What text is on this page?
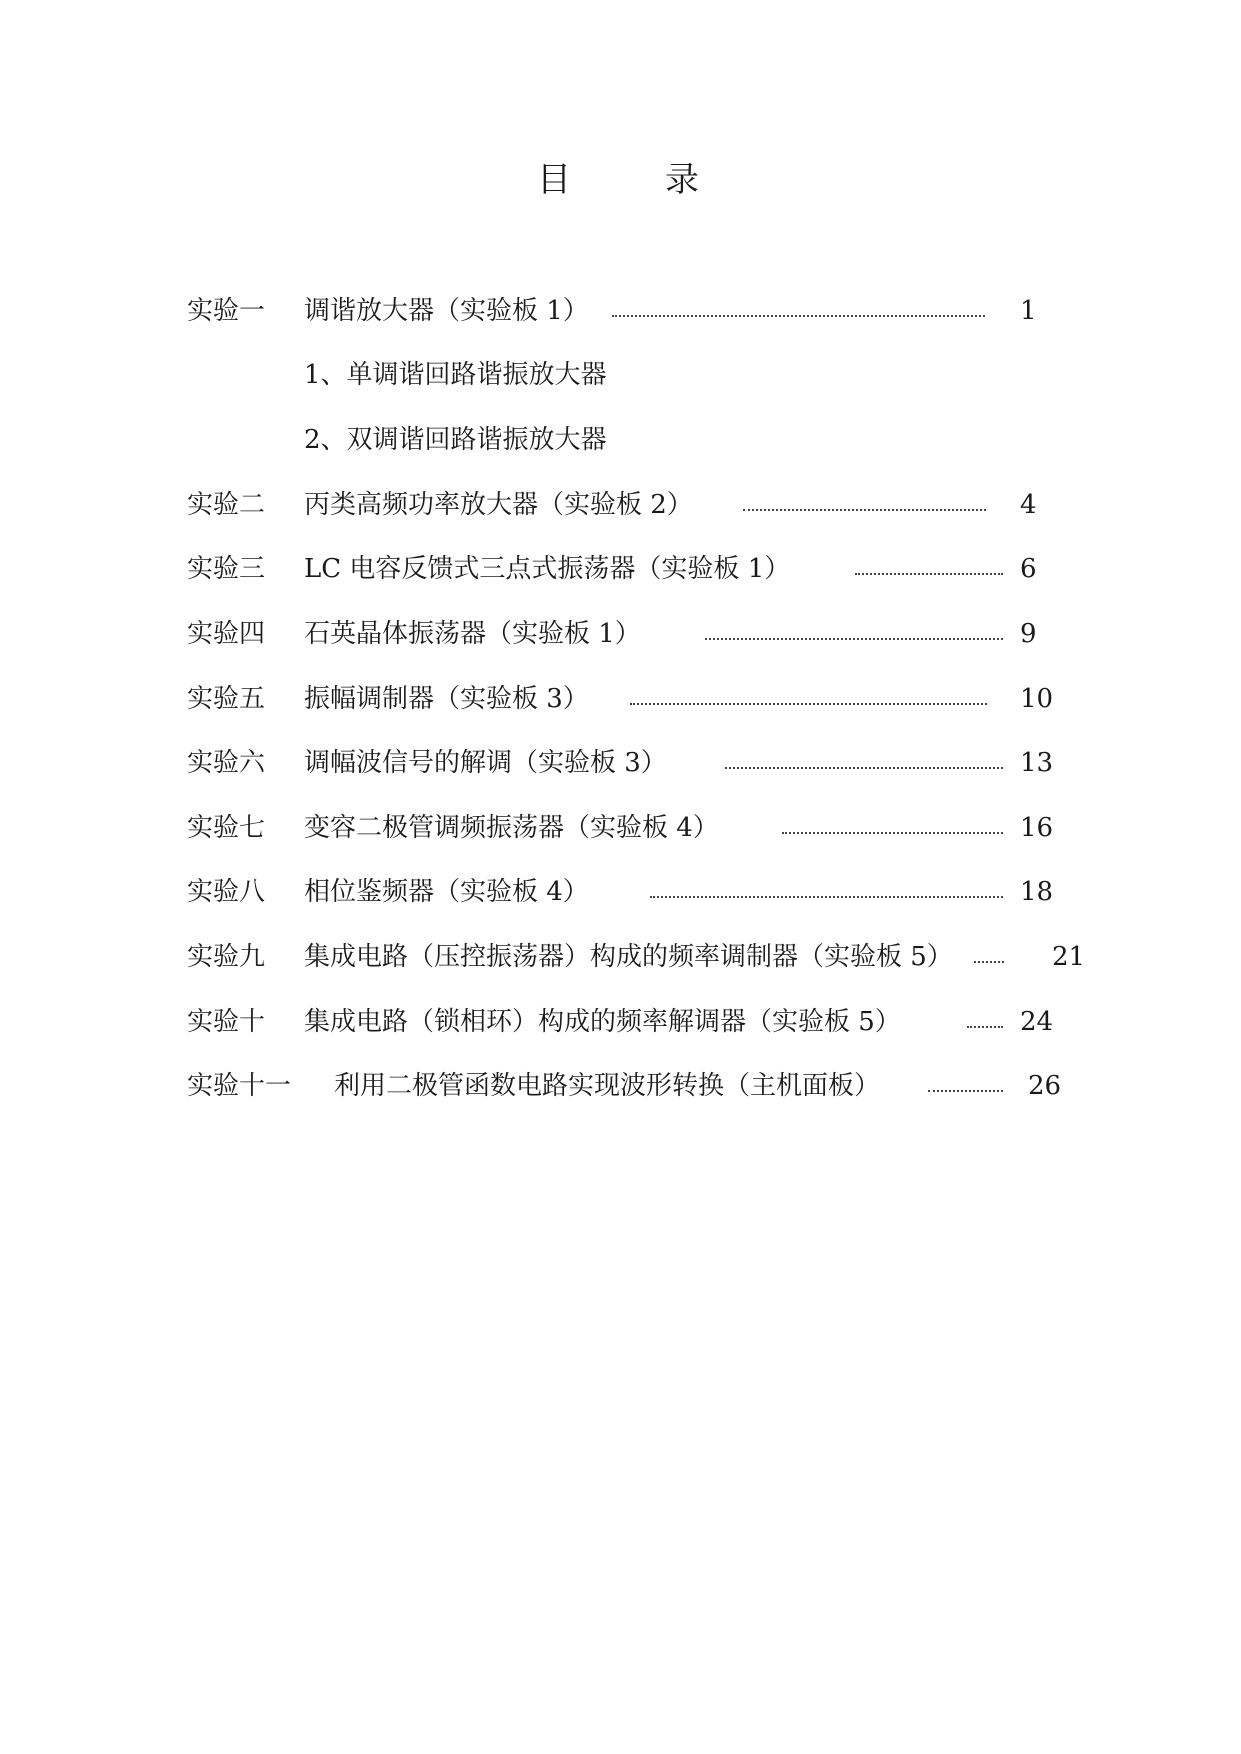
目	录
实验一 调谐放大器（实验板 1）	1
1、单调谐回路谐振放大器
2、双调谐回路谐振放大器
实验二 丙类高频功率放大器（实验板 2）	4
实验三 LC 电容反馈式三点式振荡器（实验板 1）	6
实验四 石英晶体振荡器（实验板 1）	9
实验五 振幅调制器（实验板 3）	10
实验六 调幅波信号的解调（实验板 3）	13
实验七 变容二极管调频振荡器（实验板 4）	16
实验八 相位鉴频器（实验板 4）	18
实验九 集成电路（压控振荡器）构成的频率调制器（实验板 5）	21
实验十 集成电路（锁相环）构成的频率解调器（实验板 5）	24
实验十一 利用二极管函数电路实现波形转换（主机面板）	26
